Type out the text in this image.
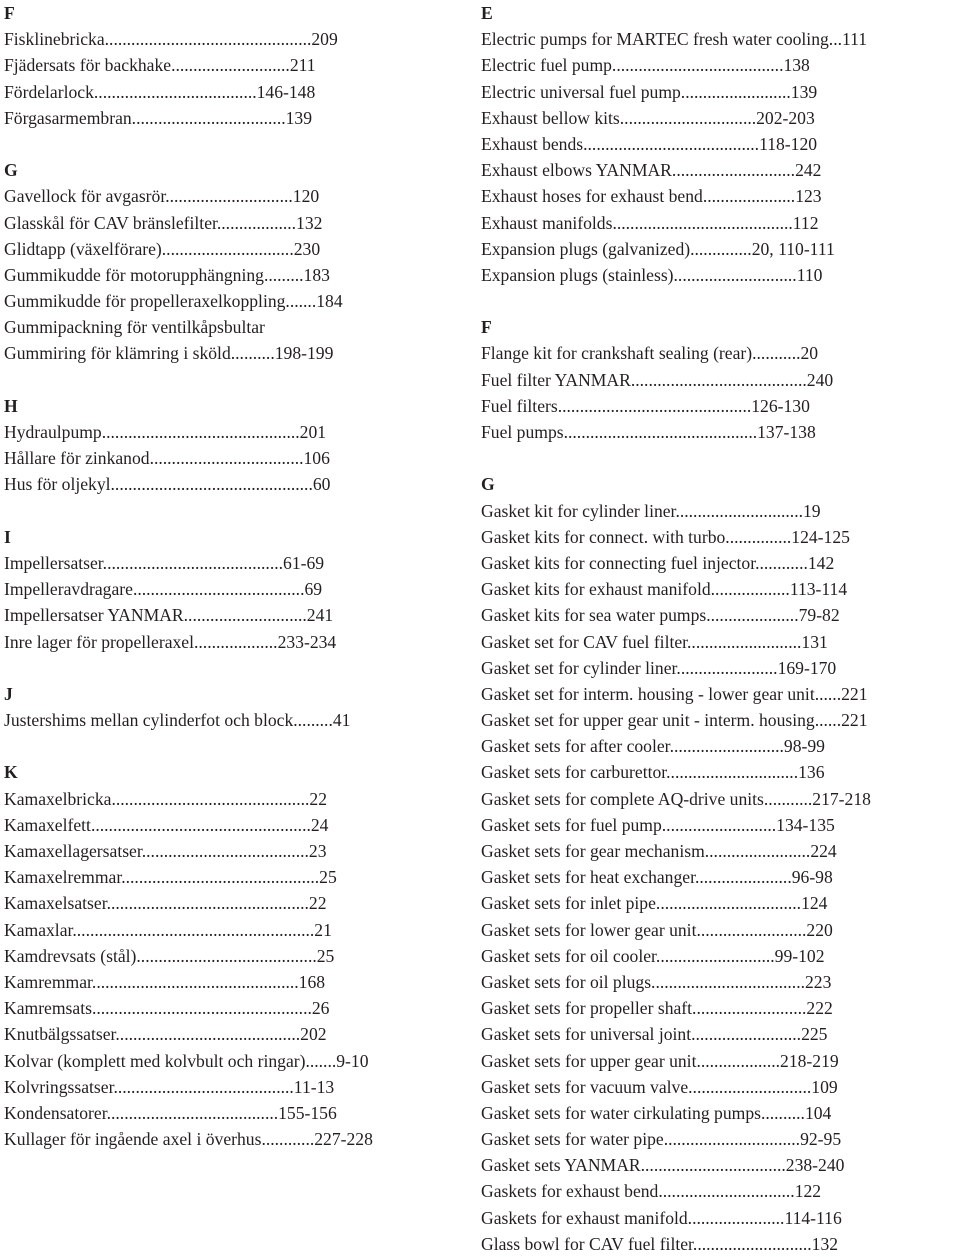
F
Fisklinebricka...............................................209
Fjädersats för backhake...........................211
Fördelarlock.....................................146-148
Förgasarmembran...................................139
G
Gavellock för avgasrör.............................120
Glasskål för CAV bränslefilter..................132
Glidtapp (växelförare)..............................230
Gummikudde för motorupphängning.........183
Gummikudde för propelleraxelkoppling.......184
Gummipackning för ventilkåpsbultar
Gummiring för klämring i sköld..........198-199
H
Hydraulpump.............................................201
Hållare för zinkanod...................................106
Hus för oljekyl..............................................60
I
Impellersatser.........................................61-69
Impelleravdragare.......................................69
Impellersatser YANMAR............................241
Inre lager för propelleraxel...................233-234
J
Justershims mellan cylinderfot och block.........41
K
Kamaxelbricka.............................................22
Kamaxelfett..................................................24
Kamaxellagersatser......................................23
Kamaxelremmar.............................................25
Kamaxelsatser..............................................22
Kamaxlar.......................................................21
Kamdrevsats (stål).........................................25
Kamremmar...............................................168
Kamremsats..................................................26
Knutbälgssatser..........................................202
Kolvar (komplett med kolvbult och ringar).......9-10
Kolvringssatser.........................................11-13
Kondensatorer.......................................155-156
Kullager för ingående axel i överhus............227-228
E
Electric pumps for MARTEC fresh water cooling...111
Electric fuel pump.......................................138
Electric universal fuel pump.........................139
Exhaust bellow kits...............................202-203
Exhaust bends........................................118-120
Exhaust elbows YANMAR............................242
Exhaust hoses for exhaust bend.....................123
Exhaust manifolds.........................................112
Expansion plugs (galvanized)..............20, 110-111
Expansion plugs (stainless)............................110
F
Flange kit for crankshaft sealing (rear)...........20
Fuel filter YANMAR........................................240
Fuel filters............................................126-130
Fuel pumps............................................137-138
G
Gasket kit for cylinder liner.............................19
Gasket kits for connect. with turbo...............124-125
Gasket kits for connecting fuel injector............142
Gasket kits for exhaust manifold..................113-114
Gasket kits for sea water pumps.....................79-82
Gasket set for CAV fuel filter..........................131
Gasket set for cylinder liner.......................169-170
Gasket set for interm. housing - lower gear unit......221
Gasket set for upper gear unit - interm. housing......221
Gasket sets for after cooler..........................98-99
Gasket sets for carburettor..............................136
Gasket sets for complete AQ-drive units...........217-218
Gasket sets for fuel pump..........................134-135
Gasket sets for gear mechanism........................224
Gasket sets for heat exchanger......................96-98
Gasket sets for inlet pipe.................................124
Gasket sets for lower gear unit.........................220
Gasket sets for oil cooler...........................99-102
Gasket sets for oil plugs...................................223
Gasket sets for propeller shaft..........................222
Gasket sets for universal joint.........................225
Gasket sets for upper gear unit...................218-219
Gasket sets for vacuum valve............................109
Gasket sets for water cirkulating pumps..........104
Gasket sets for water pipe...............................92-95
Gasket sets YANMAR.................................238-240
Gaskets for exhaust bend...............................122
Gaskets for exhaust manifold......................114-116
Glass bowl for CAV fuel filter...........................132
